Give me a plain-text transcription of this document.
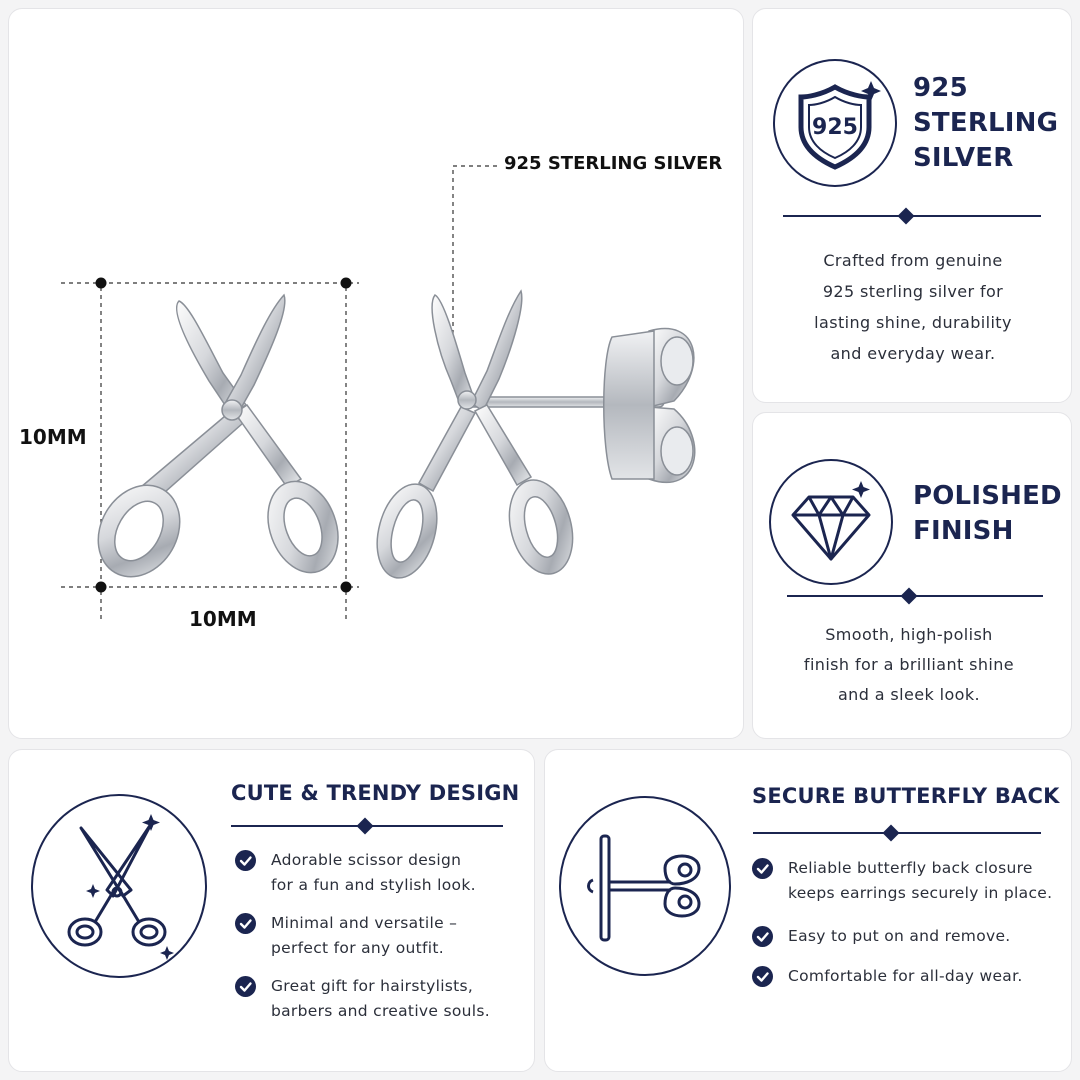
925 STERLING SILVER
10MM
10MM
925
925
STERLING
SILVER
Crafted from genuine
925 sterling silver for
lasting shine, durability
and everyday wear.
POLISHED
FINISH
Smooth, high-polish
finish for a brilliant shine
and a sleek look.
CUTE & TRENDY DESIGN
Adorable scissor design
for a fun and stylish look.
Minimal and versatile –
perfect for any outfit.
Great gift for hairstylists,
barbers and creative souls.
SECURE BUTTERFLY BACK
Reliable butterfly back closure
keeps earrings securely in place.
Easy to put on and remove.
Comfortable for all-day wear.
